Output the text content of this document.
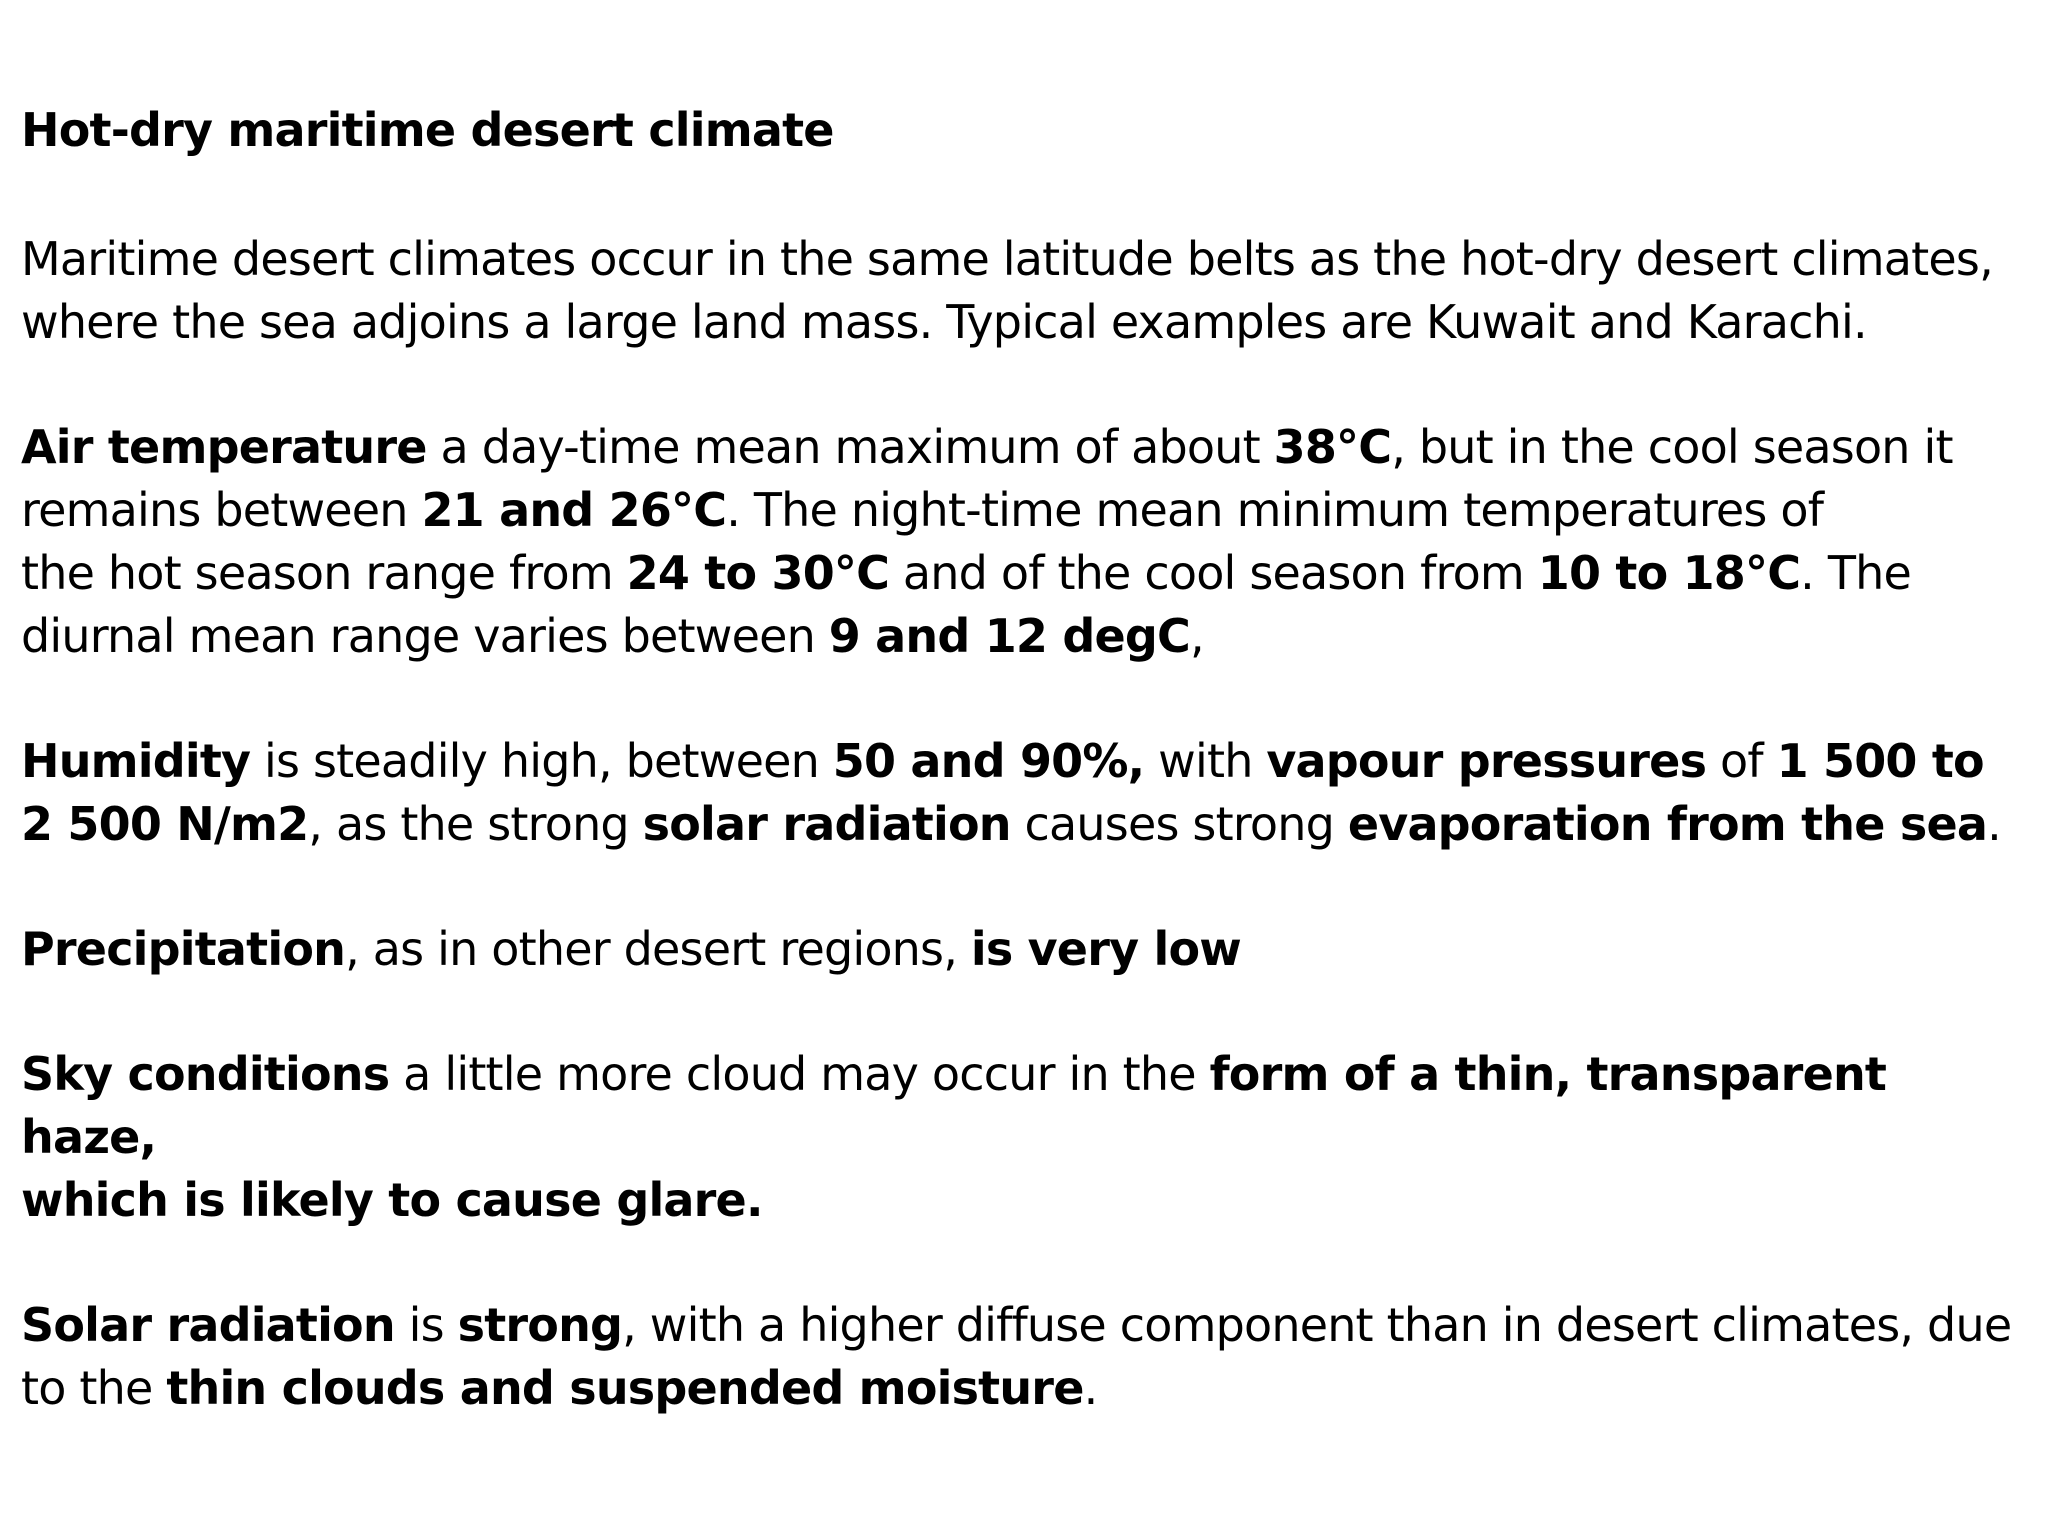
Hot-dry maritime desert climate

Maritime desert climates occur in the same latitude belts as the hot-dry desert climates,
where the sea adjoins a large land mass. Typical examples are Kuwait and Karachi.

Air temperature a day-time mean maximum of about 38°C, but in the cool season it
remains between 21 and 26°C. The night-time mean minimum temperatures of
the hot season range from 24 to 30°C and of the cool season from 10 to 18°C. The
diurnal mean range varies between 9 and 12 degC,

Humidity is steadily high, between 50 and 90%, with vapour pressures of 1 500 to
2 500 N/m2, as the strong solar radiation causes strong evaporation from the sea.

Precipitation, as in other desert regions, is very low

Sky conditions a little more cloud may occur in the form of a thin, transparent haze,
which is likely to cause glare.

Solar radiation is strong, with a higher diffuse component than in desert climates, due
to the thin clouds and suspended moisture.
